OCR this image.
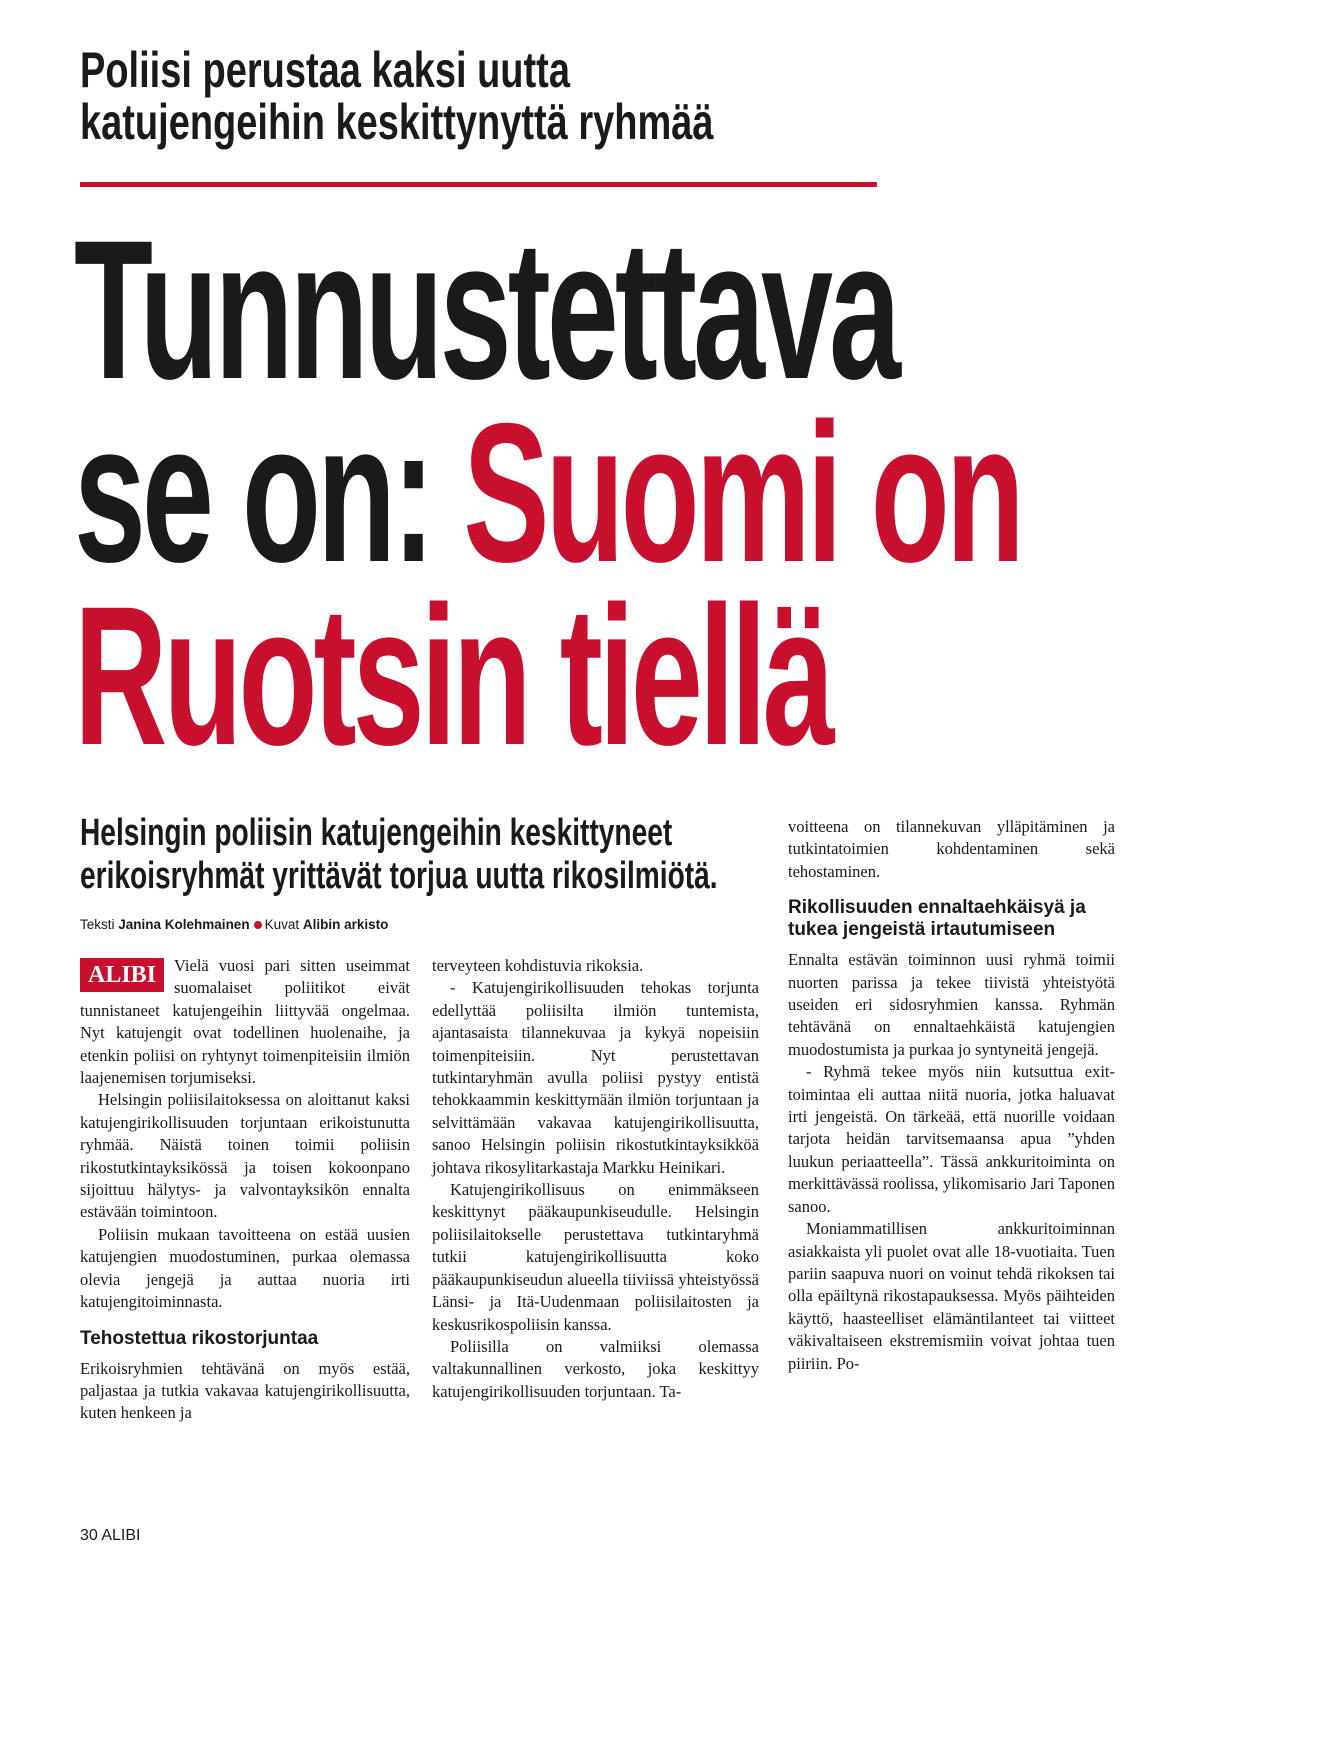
Poliisi perustaa kaksi uutta
katujengeihin keskittynyttä ryhmää
Tunnustettava
se on: Suomi on
Ruotsin tiellä
Helsingin poliisin katujengeihin keskittyneet
erikoisryhmät yrittävät torjua uutta rikosilmiötä.
Teksti Janina Kolehmainen Kuvat Alibin arkisto

ALIBI	Vielä vuosi pari sitten useimmat suomalaiset poliitikot eivät tunnistaneet katujengeihin liittyvää ongelmaa. Nyt katujengit ovat todellinen huolenaihe, ja etenkin poliisi on ryhtynyt toimenpiteisiin ilmiön laajenemisen torjumiseksi.

Helsingin poliisilaitoksessa on aloittanut kaksi katujengirikollisuuden torjuntaan erikoistunutta ryhmää. Näistä toinen toimii poliisin rikostutkintayksikössä ja toisen kokoonpano sijoittuu hälytys- ja valvontayksikön ennalta estävään toimintoon.

Poliisin mukaan tavoitteena on estää uusien katujengien muodostuminen, purkaa olemassa olevia jengejä ja auttaa nuoria irti katujengitoiminnasta.

Tehostettua rikostorjuntaa

Erikoisryhmien tehtävänä on myös estää, paljastaa ja tutkia vakavaa katujengirikollisuutta, kuten henkeen ja

terveyteen kohdistuvia rikoksia.

- Katujengirikollisuuden tehokas torjunta edellyttää poliisilta ilmiön tuntemista, ajantasaista tilannekuvaa ja kykyä nopeisiin toimenpiteisiin. Nyt perustettavan tutkintaryhmän avulla poliisi pystyy entistä tehokkaammin keskittymään ilmiön torjuntaan ja selvittämään vakavaa katujengirikollisuutta, sanoo Helsingin poliisin rikostutkintayksikköä johtava rikosylitarkastaja Markku Heinikari.

Katujengirikollisuus on enimmäkseen keskittynyt pääkaupunkiseudulle. Helsingin poliisilaitokselle perustettava tutkintaryhmä tutkii katujengirikollisuutta koko pääkaupunkiseudun alueella tiiviissä yhteistyössä Länsi- ja Itä-Uudenmaan poliisilaitosten ja keskusrikospoliisin kanssa.

Poliisilla on valmiiksi olemassa valtakunnallinen verkosto, joka keskittyy katujengirikollisuuden torjuntaan. Ta-

voitteena on tilannekuvan ylläpitäminen ja tutkintatoimien kohdentaminen sekä tehostaminen.

Rikollisuuden ennaltaehkäisyä ja tukea jengeistä irtautumiseen

Ennalta estävän toiminnon uusi ryhmä toimii nuorten parissa ja tekee tiivistä yhteistyötä useiden eri sidosryhmien kanssa. Ryhmän tehtävänä on ennaltaehkäistä katujengien muodostumista ja purkaa jo syntyneitä jengejä.

- Ryhmä tekee myös niin kutsuttua exit-toimintaa eli auttaa niitä nuoria, jotka haluavat irti jengeistä. On tärkeää, että nuorille voidaan tarjota heidän tarvitsemaansa apua ”yhden luukun periaatteella”. Tässä ankkuritoiminta on merkittävässä roolissa, ylikomisario Jari Taponen sanoo.

Moniammatillisen ankkuritoiminnan asiakkaista yli puolet ovat alle 18-vuotiaita. Tuen pariin saapuva nuori on voinut tehdä rikoksen tai olla epäiltynä rikostapauksessa. Myös päihteiden käyttö, haasteelliset elämäntilanteet tai viitteet väkivaltaiseen ekstremismiin voivat johtaa tuen piiriin. Po-

30 ALIBI
